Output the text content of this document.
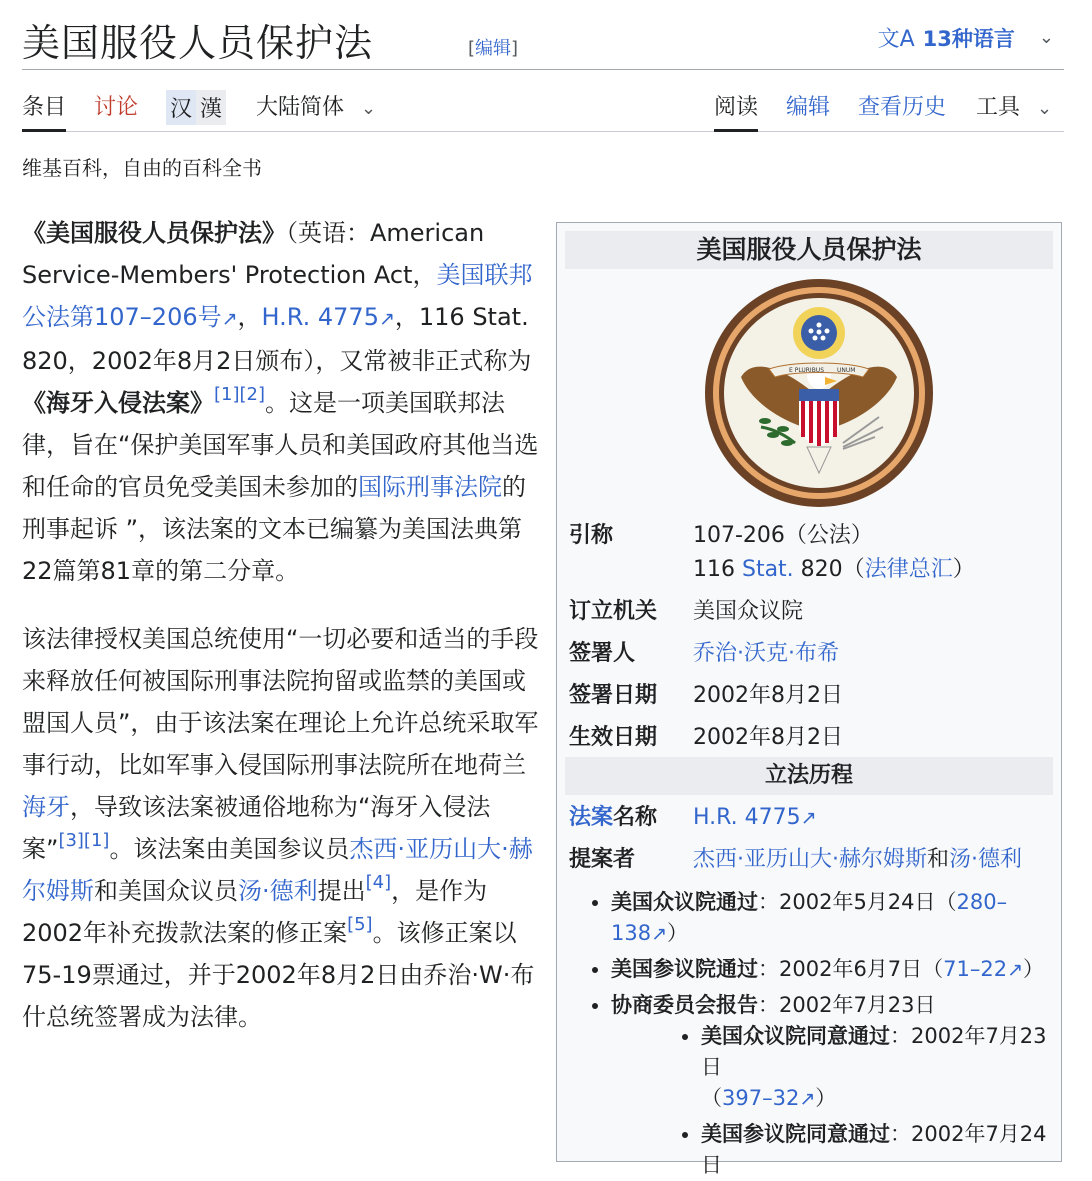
美国服役人员保护法	[编辑]	文A 13种语言 ⌄
条目 讨论 汉 漢 大陆简体 ⌄	阅读 编辑 查看历史 工具 ⌄
维基百科，自由的百科全书

《美国服役人员保护法》（英语：American Service-Members' Protection Act，美国联邦公法第107–206号↗，H.R. 4775↗，116 Stat. 820，2002年8月2日颁布），又常被非正式称为《海牙入侵法案》[1][2]。这是一项美国联邦法律，旨在“保护美国军事人员和美国政府其他当选和任命的官员免受美国未参加的国际刑事法院的刑事起诉 ”，该法案的文本已编纂为美国法典第22篇第81章的第二分章。

该法律授权美国总统使用“一切必要和适当的手段来释放任何被国际刑事法院拘留或监禁的美国或盟国人员”，由于该法案在理论上允许总统采取军事行动，比如军事入侵国际刑事法院所在地荷兰海牙，导致该法案被通俗地称为“海牙入侵法案”[3][1]。该法案由美国参议员杰西·亚历山大·赫尔姆斯和美国众议员汤·德利提出[4]，是作为2002年补充拨款法案的修正案[5]。该修正案以75-19票通过，并于2002年8月2日由乔治·W·布什总统签署成为法律。

美国服役人员保护法
E PLURIBUS UNUM
引称	107-206（公法）
116 Stat. 820（法律总汇）
订立机关 美国众议院
签署人	乔治·沃克·布希
签署日期 2002年8月2日
生效日期 2002年8月2日
立法历程
法案名称 H.R. 4775↗
提案者	杰西·亚历山大·赫尔姆斯和汤·德利
• 美国众议院通过：2002年5月24日（280–138↗）
• 美国参议院通过：2002年6月7日（71–22↗）
• 协商委员会报告：2002年7月23日
• 美国众议院同意通过：2002年7月23日
（397–32↗）
• 美国参议院同意通过：2002年7月24日
